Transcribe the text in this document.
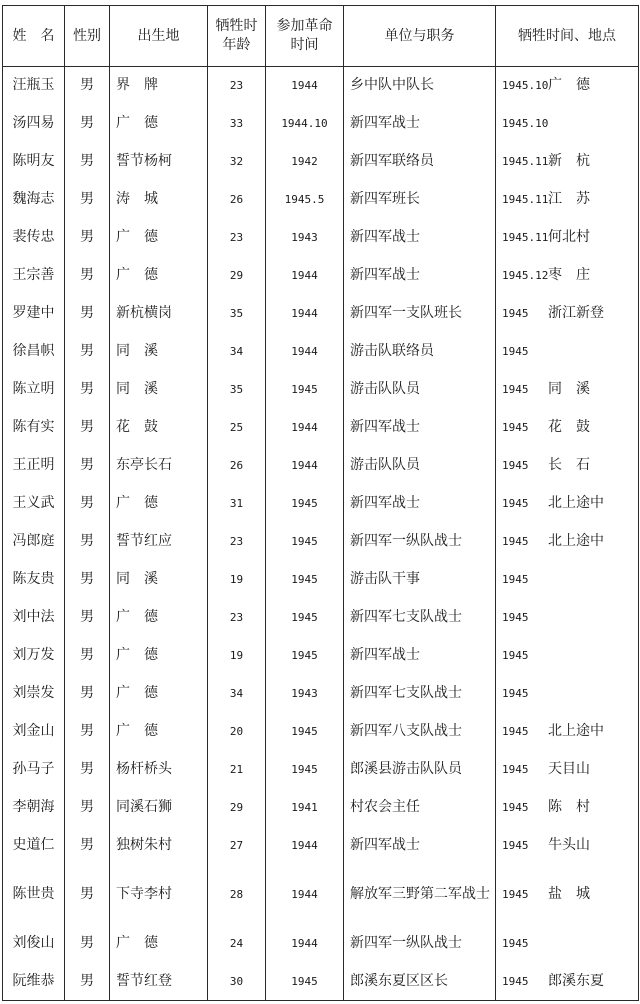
姓　名	性别	出生地	牺牲时年龄	参加革命时间	单位与职务	牺牲时间、地点
汪瓶玉	男	界　牌	23	1944	乡中队中队长	1945.10广　德
汤四易	男	广　德	33	1944.10	新四军战士	1945.10
陈明友	男	誓节杨柯	32	1942	新四军联络员	1945.11新　杭
魏海志	男	涛　城	26	1945.5	新四军班长	1945.11江　苏
裴传忠	男	广　德	23	1943	新四军战士	1945.11何北村
王宗善	男	广　德	29	1944	新四军战士	1945.12枣　庄
罗建中	男	新杭横岗	35	1944	新四军一支队班长	1945 浙江新登
徐昌帜	男	同　溪	34	1944	游击队联络员	1945
陈立明	男	同　溪	35	1945	游击队队员	1945 同　溪
陈有实	男	花　鼓	25	1944	新四军战士	1945 花　鼓
王正明	男	东亭长石	26	1944	游击队队员	1945 长　石
王义武	男	广　德	31	1945	新四军战士	1945 北上途中
冯郎庭	男	誓节红应	23	1945	新四军一纵队战士	1945 北上途中
陈友贵	男	同　溪	19	1945	游击队干事	1945
刘中法	男	广　德	23	1945	新四军七支队战士	1945
刘万发	男	广　德	19	1945	新四军战士	1945
刘崇发	男	广　德	34	1943	新四军七支队战士	1945
刘金山	男	广　德	20	1945	新四军八支队战士	1945 北上途中
孙马子	男	杨杆桥头	21	1945	郎溪县游击队队员	1945 天目山
李朝海	男	同溪石狮	29	1941	村农会主任	1945 陈　村
史道仁	男	独树朱村	27	1944	新四军战士	1945 牛头山
陈世贵	男	下寺李村	28	1944	解放军三野第二军战士	1945 盐　城
刘俊山	男	广　德	24	1944	新四军一纵队战士	1945
阮维恭	男	誓节红登	30	1945	郎溪东夏区区长	1945 郎溪东夏
